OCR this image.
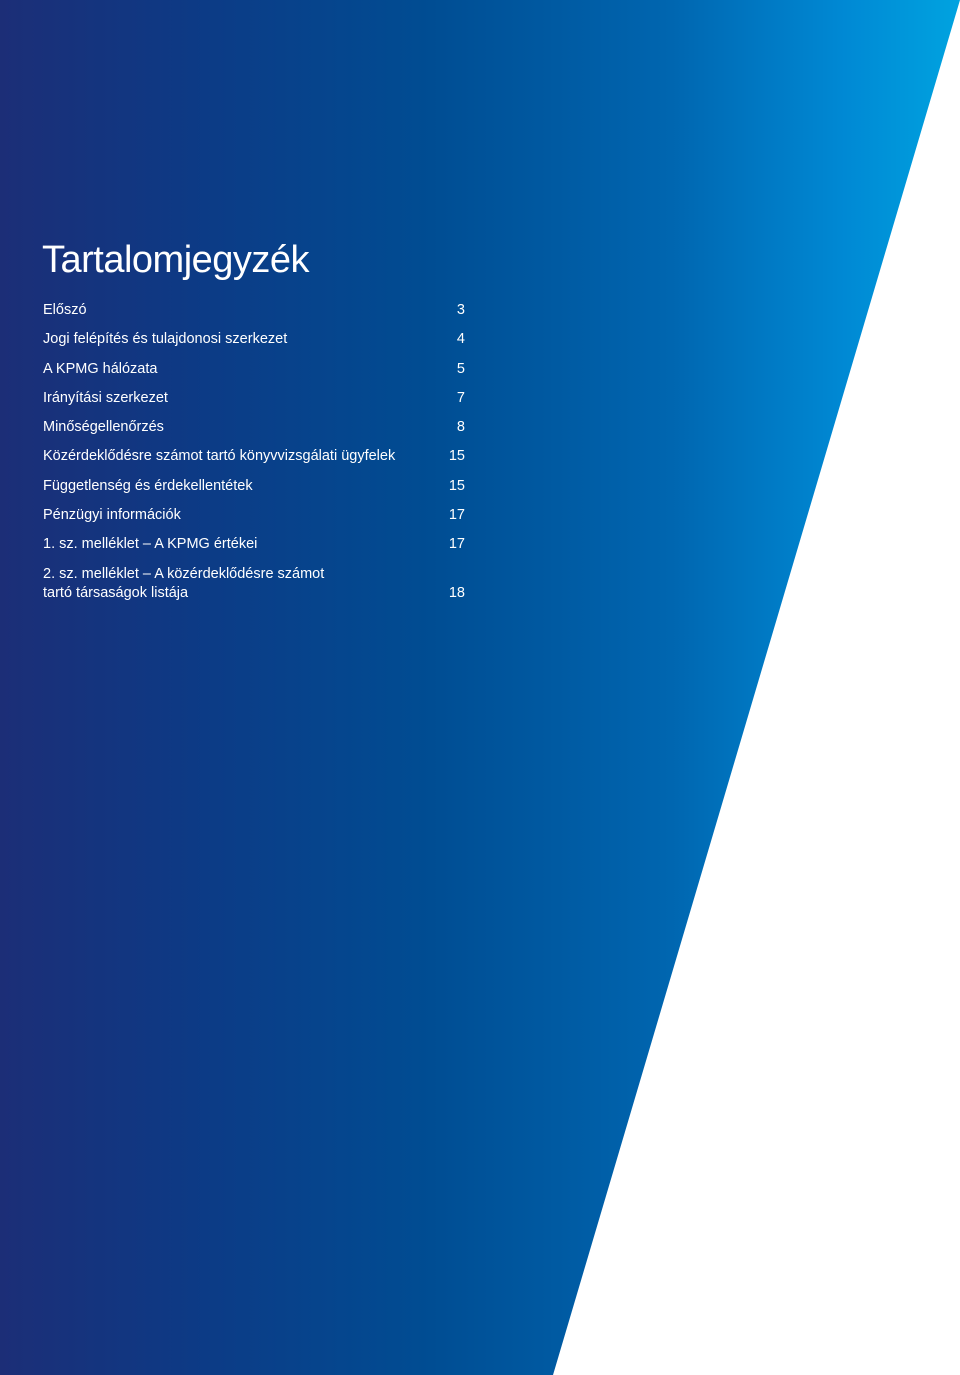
Tartalomjegyzék
Előszó	3
Jogi felépítés és tulajdonosi szerkezet	4
A KPMG hálózata	5
Irányítási szerkezet	7
Minőségellenőrzés	8
Közérdeklődésre számot tartó könyvvizsgálati ügyfelek	15
Függetlenség és érdekellentétek	15
Pénzügyi információk	17
1. sz. melléklet – A KPMG értékei	17
2. sz. melléklet – A közérdeklődésre számot
tartó társaságok listája	18
